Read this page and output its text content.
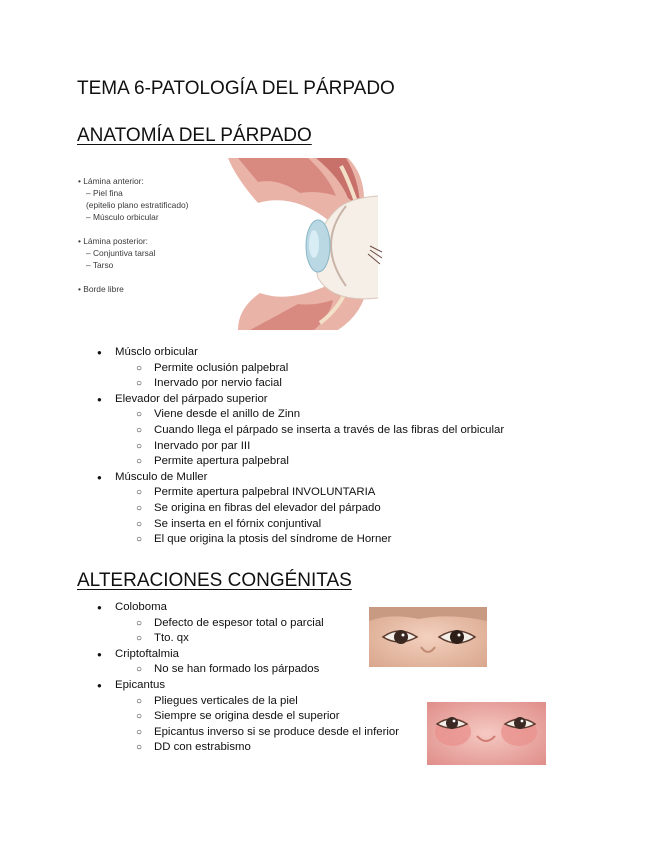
TEMA 6-PATOLOGÍA DEL PÁRPADO
ANATOMÍA DEL PÁRPADO
• Lámina anterior:
– Piel fina
(epitelio plano estratificado)
– Músculo orbicular
• Lámina posterior:
– Conjuntiva tarsal
– Tarso
• Borde libre
● Músclo orbicular
○ Permite oclusión palpebral
○ Inervado por nervio facial
● Elevador del párpado superior
○ Viene desde el anillo de Zinn
○ Cuando llega el párpado se inserta a través de las fibras del orbicular
○ Inervado por par III
○ Permite apertura palpebral
● Músculo de Muller
○ Permite apertura palpebral INVOLUNTARIA
○ Se origina en fibras del elevador del párpado
○ Se inserta en el fórnix conjuntival
○ El que origina la ptosis del síndrome de Horner
ALTERACIONES CONGÉNITAS
● Coloboma
○ Defecto de espesor total o parcial
○ Tto. qx
● Criptoftalmia
○ No se han formado los párpados
● Epicantus
○ Pliegues verticales de la piel
○ Siempre se origina desde el superior
○ Epicantus inverso si se produce desde el inferior
○ DD con estrabismo
